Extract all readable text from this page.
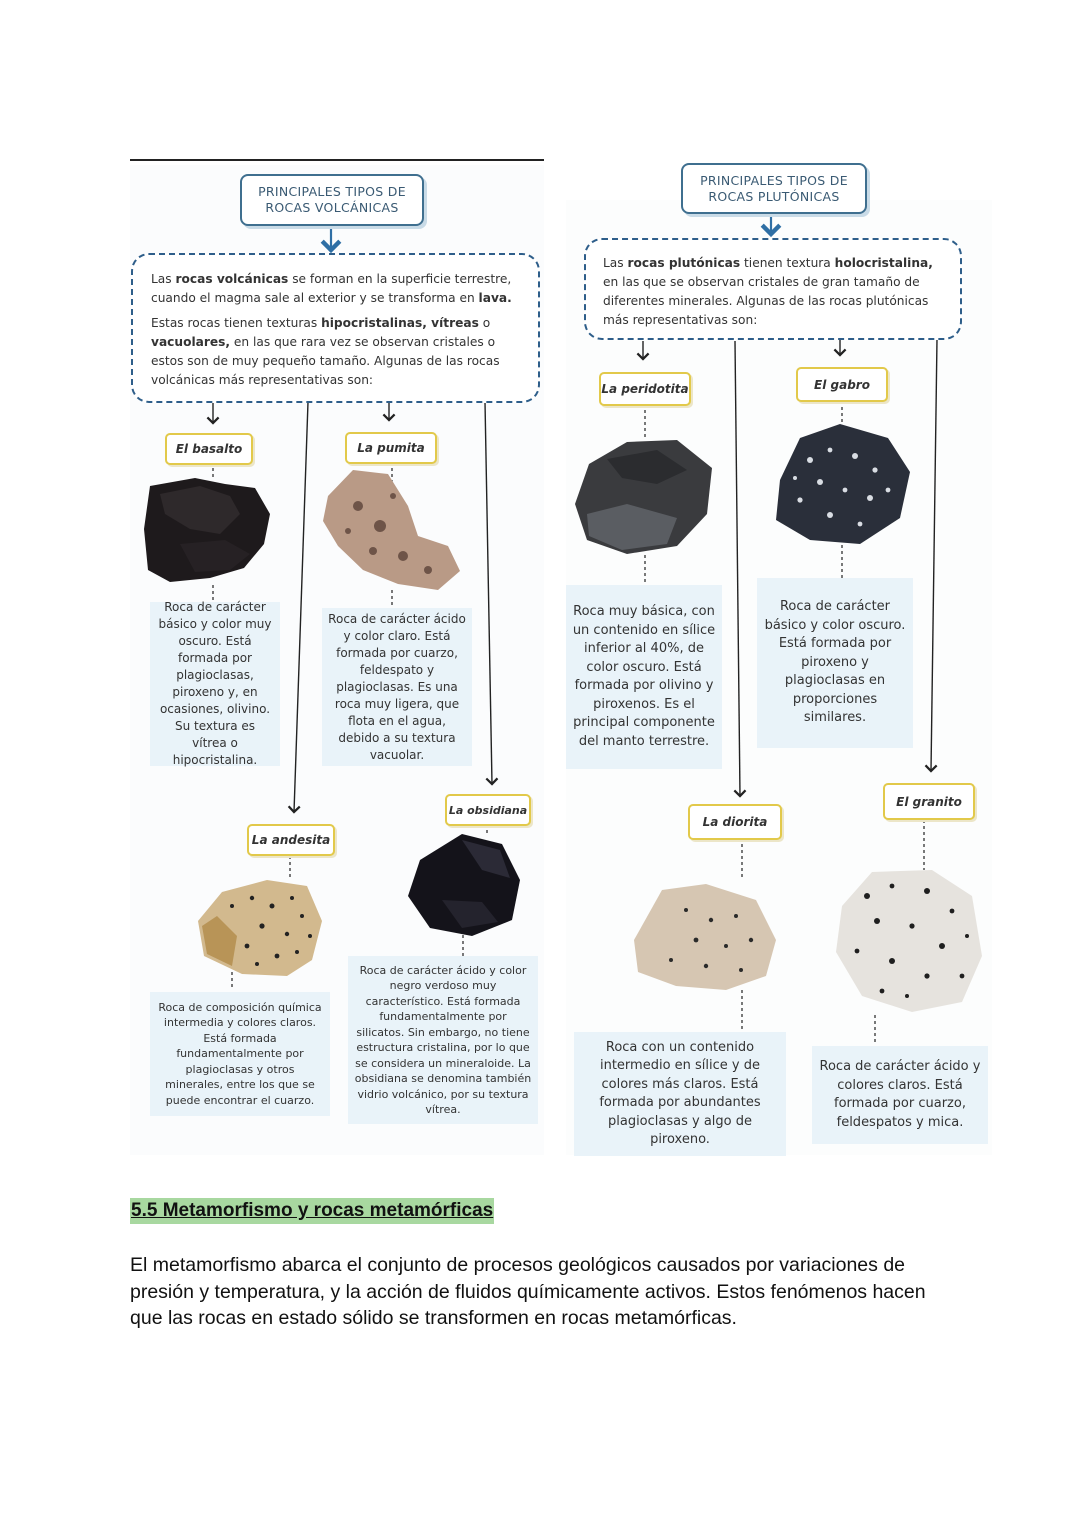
PRINCIPALES TIPOS DE ROCAS VOLCÁNICAS

Las rocas volcánicas se forman en la superficie terrestre, cuando el magma sale al exterior y se transforma en lava.

Estas rocas tienen texturas hipocristalinas, vítreas o vacuolares, en las que rara vez se observan cristales o estos son de muy pequeño tamaño. Algunas de las rocas volcánicas más representativas son:

El basalto
Roca de carácter básico y color muy oscuro. Está formada por plagioclasas, piroxeno y, en ocasiones, olivino. Su textura es vítrea o hipocristalina.
La pumita
Roca de carácter ácido y color claro. Está formada por cuarzo, feldespato y plagioclasas. Es una roca muy ligera, que flota en el agua, debido a su textura vacuolar.
La andesita
Roca de composición química intermedia y colores claros. Está formada fundamentalmente por plagioclasas y otros minerales, entre los que se puede encontrar el cuarzo.
La obsidiana
Roca de carácter ácido y color negro verdoso muy característico. Está formada fundamentalmente por silicatos. Sin embargo, no tiene estructura cristalina, por lo que se considera un mineraloide. La obsidiana se denomina también vidrio volcánico, por su textura vítrea.
PRINCIPALES TIPOS DE ROCAS PLUTÓNICAS

Las rocas plutónicas tienen textura holocristalina, en las que se observan cristales de gran tamaño de diferentes minerales. Algunas de las rocas plutónicas más representativas son:

La peridotita
Roca muy básica, con un contenido en sílice inferior al 40%, de color oscuro. Está formada por olivino y piroxenos. Es el principal componente del manto terrestre.
El gabro
Roca de carácter básico y color oscuro. Está formada por piroxeno y plagioclasas en proporciones similares.
La diorita
Roca con un contenido intermedio en sílice y de colores más claros. Está formada por abundantes plagioclasas y algo de piroxeno.
El granito
Roca de carácter ácido y colores claros. Está formada por cuarzo, feldespatos y mica.
5.5 Metamorfismo y rocas metamórficas
El metamorfismo abarca el conjunto de procesos geológicos causados por variaciones de presión y temperatura, y la acción de fluidos químicamente activos. Estos fenómenos hacen que las rocas en estado sólido se transformen en rocas metamórficas.
